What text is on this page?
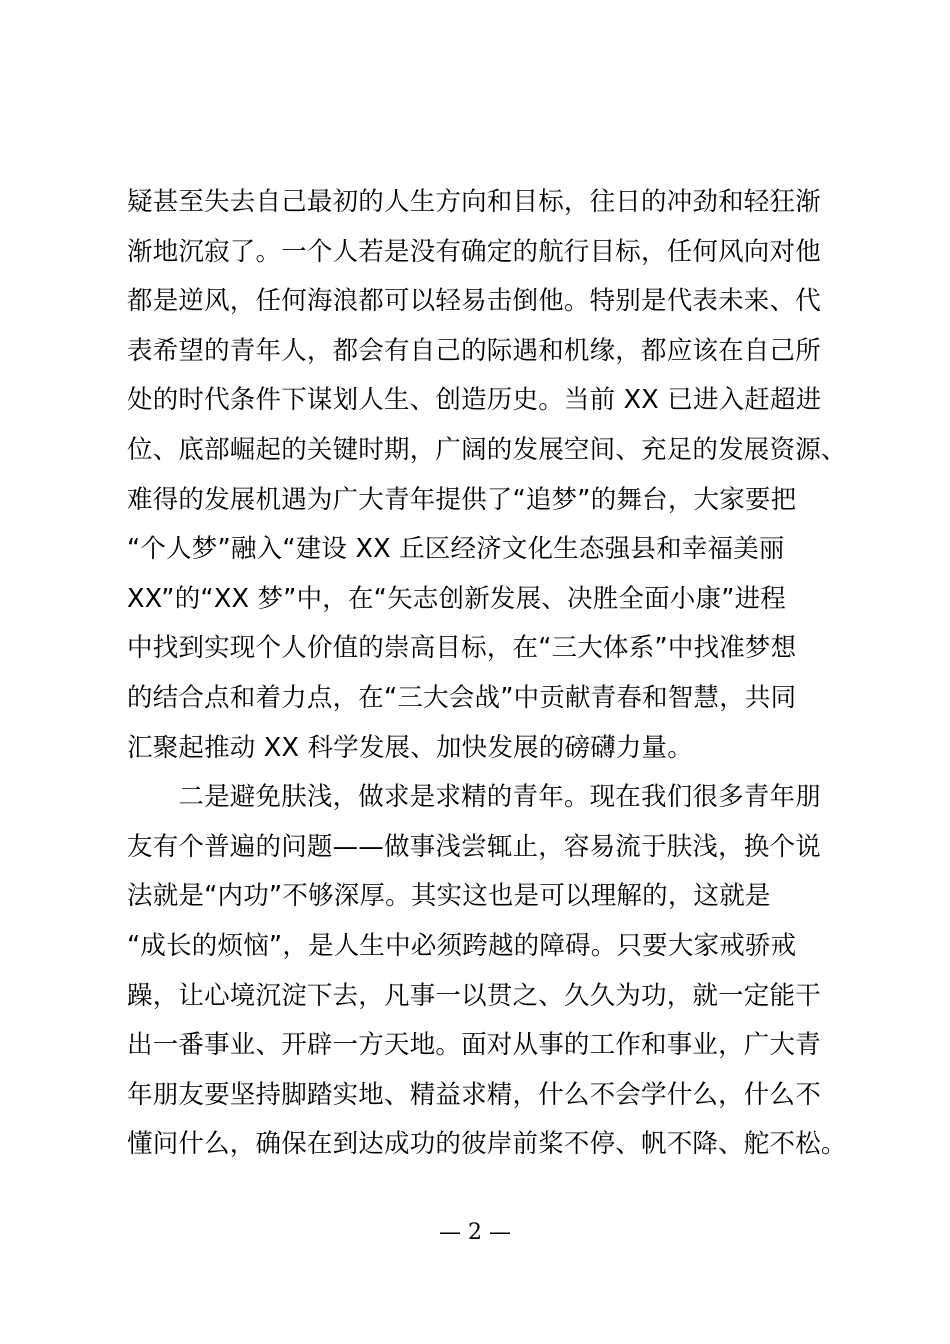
疑甚至失去自己最初的人生方向和目标，往日的冲劲和轻狂渐
渐地沉寂了。一个人若是没有确定的航行目标，任何风向对他
都是逆风，任何海浪都可以轻易击倒他。特别是代表未来、代
表希望的青年人，都会有自己的际遇和机缘，都应该在自己所
处的时代条件下谋划人生、创造历史。当前 XX 已进入赶超进
位、底部崛起的关键时期，广阔的发展空间、充足的发展资源、
难得的发展机遇为广大青年提供了“追梦”的舞台，大家要把
“个人梦”融入“建设 XX 丘区经济文化生态强县和幸福美丽
XX”的“XX 梦”中，在“矢志创新发展、决胜全面小康”进程
中找到实现个人价值的崇高目标，在“三大体系”中找准梦想
的结合点和着力点，在“三大会战”中贡献青春和智慧，共同
汇聚起推动 XX 科学发展、加快发展的磅礴力量。
　　二是避免肤浅，做求是求精的青年。现在我们很多青年朋
友有个普遍的问题——做事浅尝辄止，容易流于肤浅，换个说
法就是“内功”不够深厚。其实这也是可以理解的，这就是
“成长的烦恼”，是人生中必须跨越的障碍。只要大家戒骄戒
躁，让心境沉淀下去，凡事一以贯之、久久为功，就一定能干
出一番事业、开辟一方天地。面对从事的工作和事业，广大青
年朋友要坚持脚踏实地、精益求精，什么不会学什么，什么不
懂问什么，确保在到达成功的彼岸前桨不停、帆不降、舵不松。
— 2 —
